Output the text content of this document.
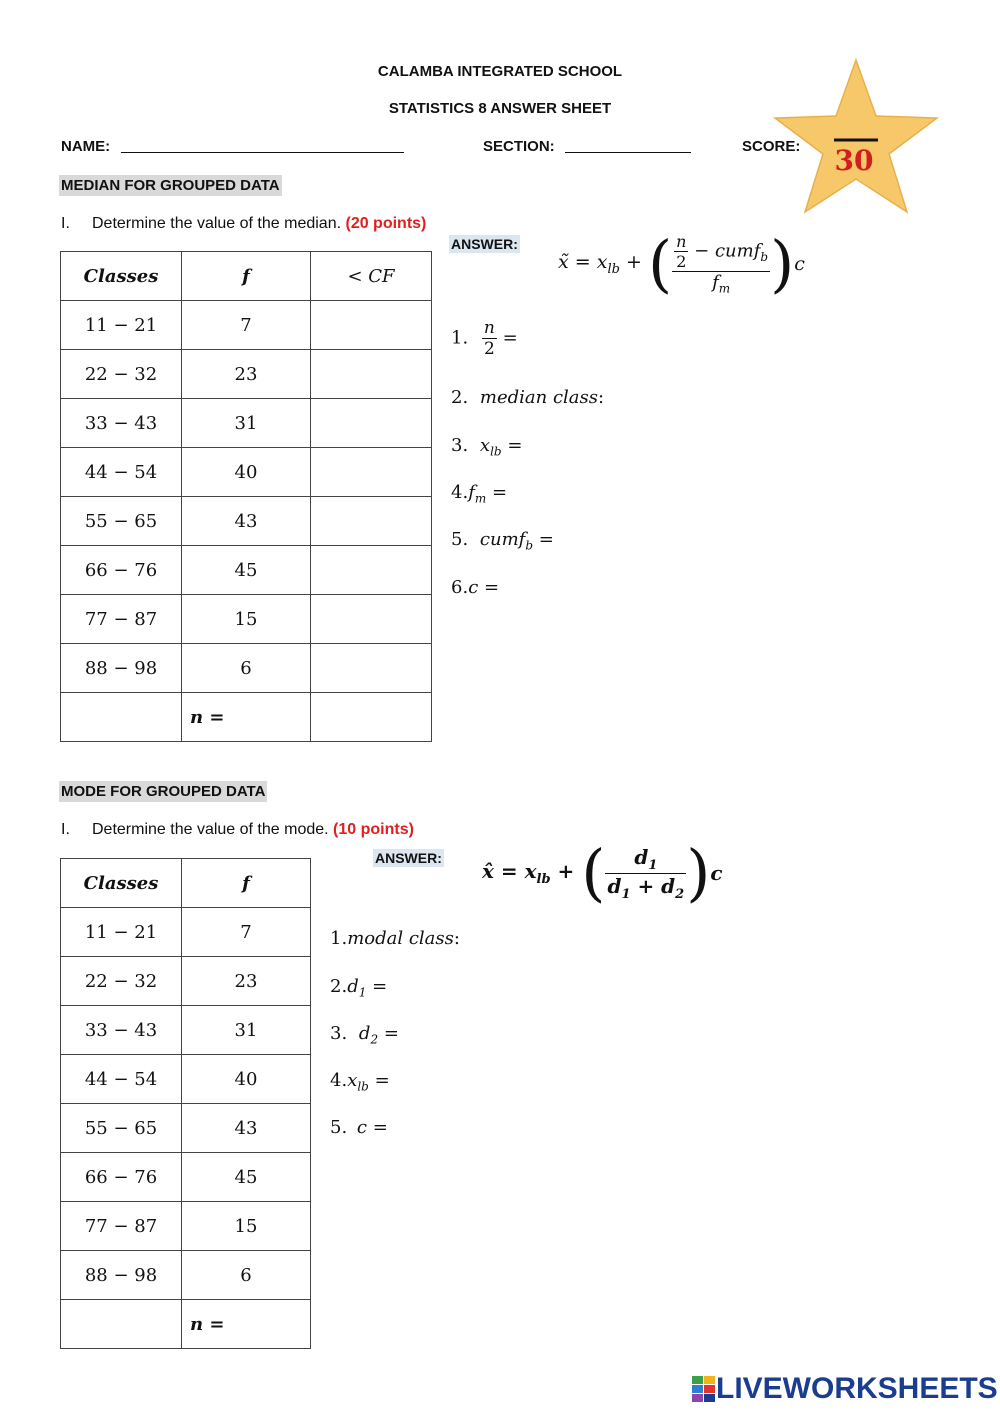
CALAMBA INTEGRATED SCHOOL
STATISTICS 8 ANSWER SHEET
NAME:	SECTION:	SCORE: 30
MEDIAN FOR GROUPED DATA
I. Determine the value of the median. (20 points)
ANSWER:
x̃ = $x_{lb}$ + ( $\frac{\frac{n}{2} - cumf_b}{f_m} )c$
Classes	f	< CF
11 − 21	7	
22 − 32	23	
33 − 43	31	
44 − 54	40	
55 − 65	43	
66 − 76	45	
77 − 87	15	
88 − 98	6	
	n =	
1. $\frac{n}{2}$ =
2. median class:
3. $x_{lb}$ =
$4.f_m$ =
5. cumf$_b$ =
6.c =
MODE FOR GROUPED DATA
I. Determine the value of the mode. (10 points)
ANSWER:
x̂ = $x_{lb}$ + ( $\frac{d_1}{d_1 + d_2} )c$
Classes	f
11 − 21	7
22 − 32	23
33 − 43	31
44 − 54	40
55 − 65	43
66 − 76	45
77 − 87	15
88 − 98	6
	n =
1.modal class:
$2.d_1$ =
3. $d_2$ =
$4.x_{lb}$ =
5. c =
LIVEWORKSHEETS
